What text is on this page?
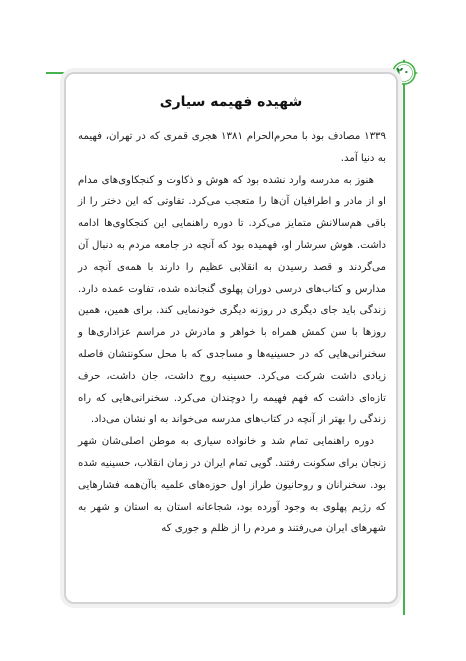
۲۰
شهیده فهیمه سیاری

۱۳۳۹ مصادف بود با محرم‌الحرام ۱۳۸۱ هجری قمری که در تهران، فهیمه به دنیا آمد.

هنوز به مدرسه وارد نشده بود که هوش و ذکاوت و کنجکاوی‌های مدام او از مادر و اطرافیان آن‌ها را متعجب می‌کرد. تفاوتی که این دختر را از باقی هم‌سالانش متمایز می‌کرد. تا دوره راهنمایی این کنجکاوی‌ها ادامه داشت. هوش سرشار او، فهمیده بود که آنچه در جامعه مردم به دنبال آن می‌گردند و قصد رسیدن به انقلابی عظیم را دارند با همه‌ی آنچه در مدارس و کتاب‌های درسی دوران پهلوی گنجانده شده، تفاوت عمده دارد. زندگی باید جای دیگری در روزنه دیگری خودنمایی کند. برای همین، همین روزها با سن کمش همراه با خواهر و مادرش در مراسم عزاداری‌ها و سخنرانی‌هایی که در حسینیه‌ها و مساجدی که با محل سکونتشان فاصله زیادی داشت شرکت می‌کرد. حسینیه روح داشت، جان داشت، حرف تازه‌ای داشت که فهم فهیمه را دوچندان می‌کرد. سخنرانی‌هایی که راه زندگی را بهتر از آنچه در کتاب‌های مدرسه می‌خواند به او نشان می‌داد.

دوره راهنمایی تمام شد و خانواده سیاری به موطن اصلی‌شان شهر زنجان برای سکونت رفتند. گویی تمام ایران در زمان انقلاب، حسینیه شده بود. سخنرانان و روحانیون طراز اول حوزه‌های علمیه باآن‌همه فشارهایی که رژیم پهلوی به وجود آورده بود، شجاعانه استان به استان و شهر به شهرهای ایران می‌رفتند و مردم را از ظلم و جوری که
